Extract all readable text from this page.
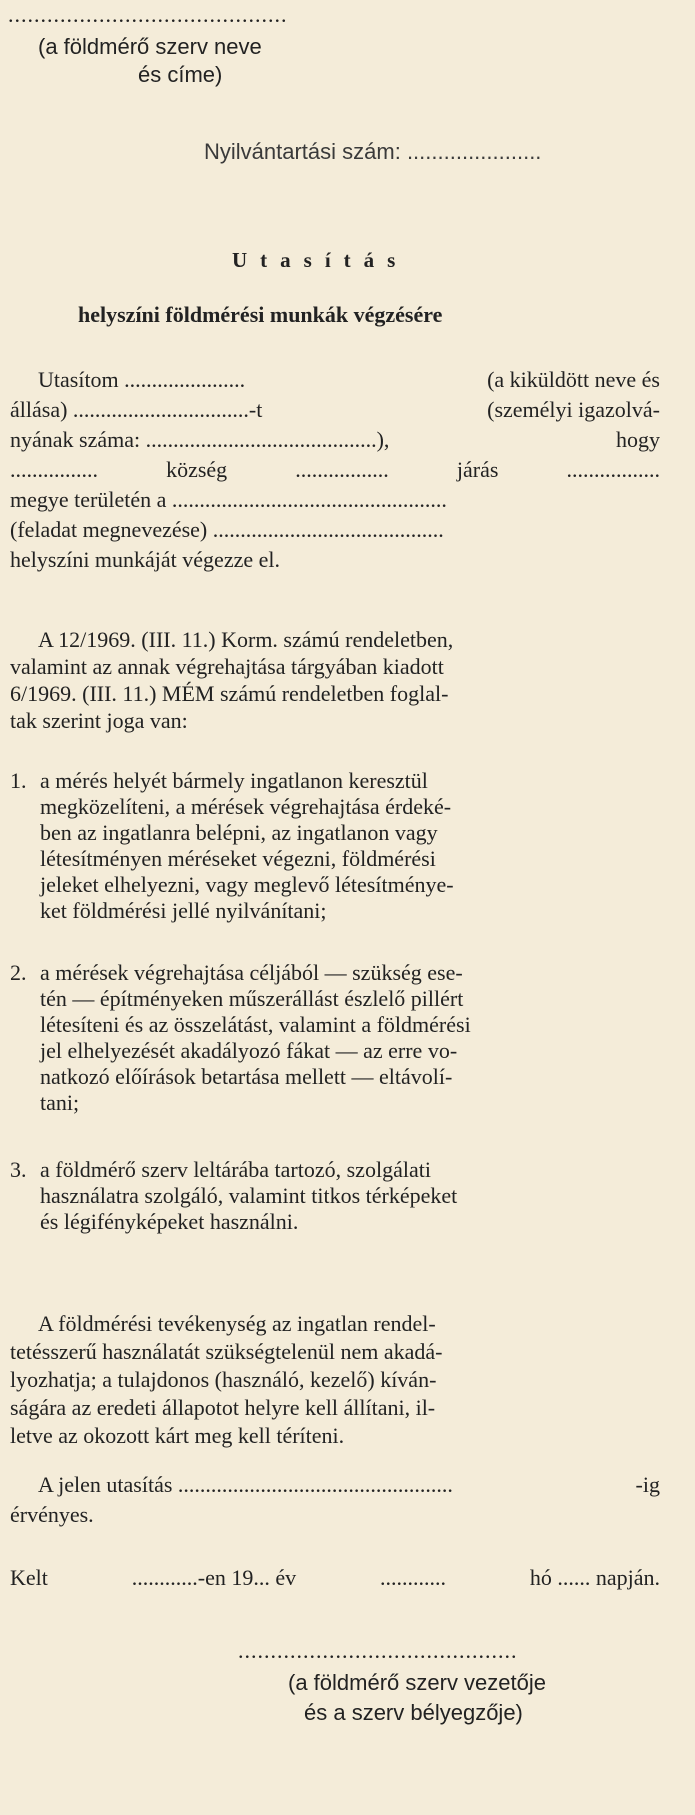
...........................................
(a földmérő szerv neve
és címe)
Nyilvántartási szám: ......................
Utasítás
helyszíni földmérési munkák végzésére
Utasítom ......................	(a kiküldött neve és
állása) ................................-t	(személyi igazolvá-
nyának száma: ..........................................),	hogy
................	község	.................	járás	.................
megye területén a ..................................................
(feladat megnevezése) ..........................................
helyszíni munkáját végezze el.
A 12/1969. (III. 11.) Korm. számú rendeletben,
valamint az annak végrehajtása tárgyában kiadott
6/1969. (III. 11.) MÉM számú rendeletben foglal-
tak szerint joga van:
1. a mérés helyét bármely ingatlanon keresztül
megközelíteni, a mérések végrehajtása érdeké-
ben az ingatlanra belépni, az ingatlanon vagy
létesítményen méréseket végezni, földmérési
jeleket elhelyezni, vagy meglevő létesítménye-
ket földmérési jellé nyilvánítani;
2. a mérések végrehajtása céljából — szükség ese-
tén — építményeken műszerállást észlelő pillért
létesíteni és az összelátást, valamint a földmérési
jel elhelyezését akadályozó fákat — az erre vo-
natkozó előírások betartása mellett — eltávolí-
tani;
3. a földmérő szerv leltárába tartozó, szolgálati
használatra szolgáló, valamint titkos térképeket
és légifényképeket használni.
A földmérési tevékenység az ingatlan rendel-
tetésszerű használatát szükségtelenül nem akadá-
lyozhatja; a tulajdonos (használó, kezelő) kíván-
ságára az eredeti állapotot helyre kell állítani, il-
letve az okozott kárt meg kell téríteni.
A jelen utasítás ..................................................	-ig
érvényes.
Kelt	............-en 19... év	............	hó ...... napján.
...........................................
(a földmérő szerv vezetője
és a szerv bélyegzője)
